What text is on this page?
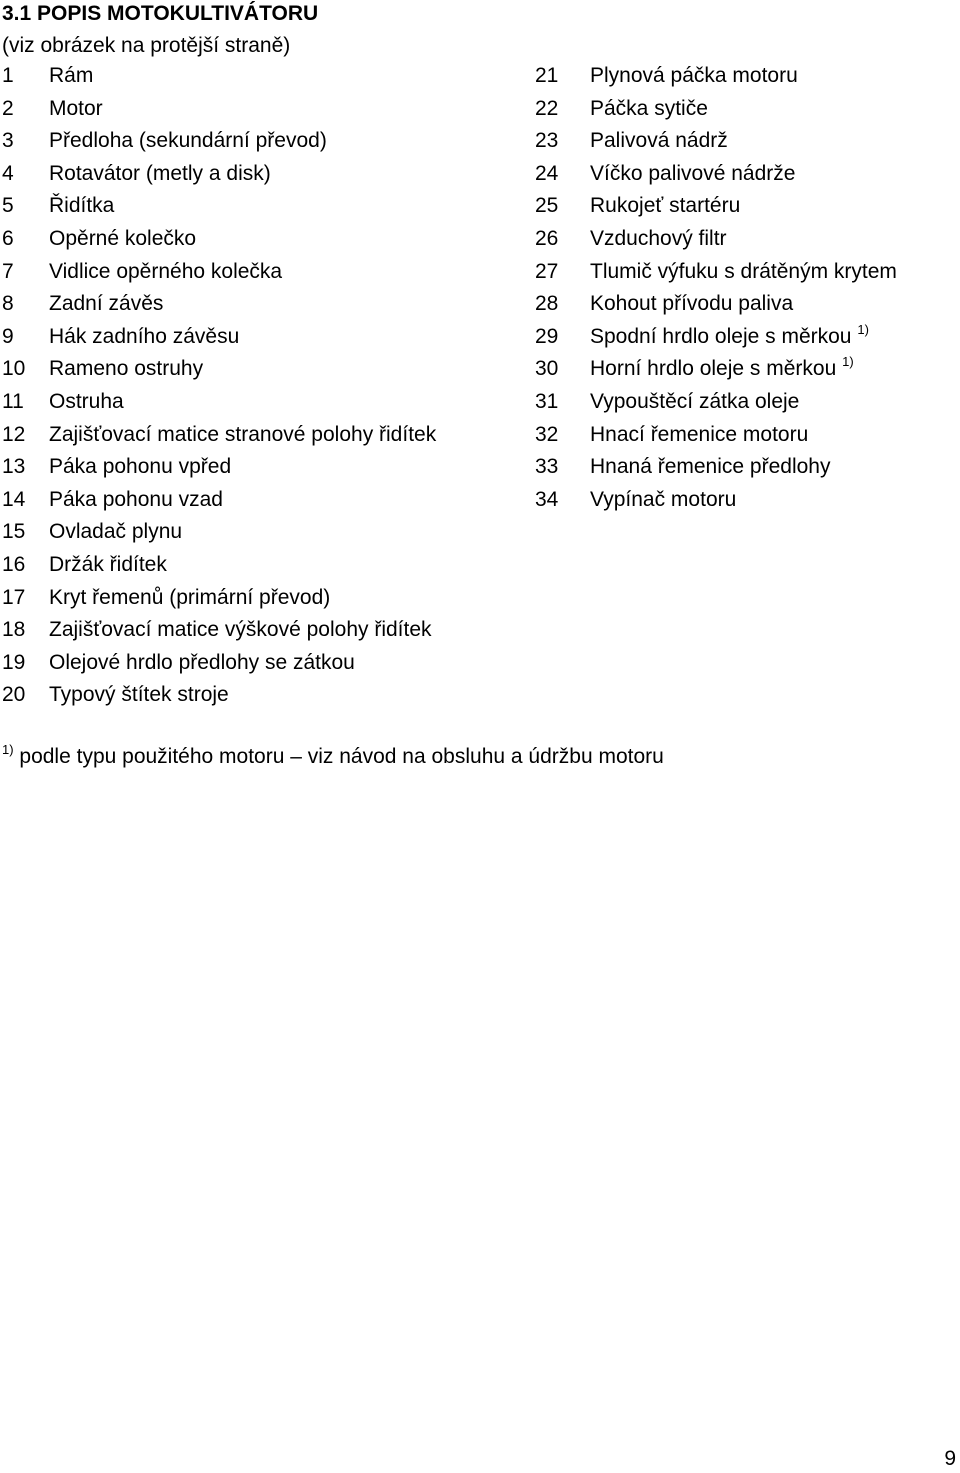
3.1 POPIS MOTOKULTIVÁTORU
(viz obrázek na protější straně)
1 Rám
2 Motor
3 Předloha (sekundární převod)
4 Rotavátor (metly a disk)
5 Řidítka
6 Opěrné kolečko
7 Vidlice opěrného kolečka
8 Zadní závěs
9 Hák zadního závěsu
10 Rameno ostruhy
11 Ostruha
12 Zajišťovací matice stranové polohy řidítek
13 Páka pohonu vpřed
14 Páka pohonu vzad
15 Ovladač plynu
16 Držák řidítek
17 Kryt řemenů (primární převod)
18 Zajišťovací matice výškové polohy řidítek
19 Olejové hrdlo předlohy se zátkou
20 Typový štítek stroje
21 Plynová páčka motoru
22 Páčka sytiče
23 Palivová nádrž
24 Víčko palivové nádrže
25 Rukojeť startéru
26 Vzduchový filtr
27 Tlumič výfuku s drátěným krytem
28 Kohout přívodu paliva
29 Spodní hrdlo oleje s měrkou $^{1)}$
30 Horní hrdlo oleje s měrkou $^{1)}$
31 Vypouštěcí zátka oleje
32 Hnací řemenice motoru
33 Hnaná řemenice předlohy
34 Vypínač motoru
$^{1)}$ podle typu použitého motoru – viz návod na obsluhu a údržbu motoru
9
